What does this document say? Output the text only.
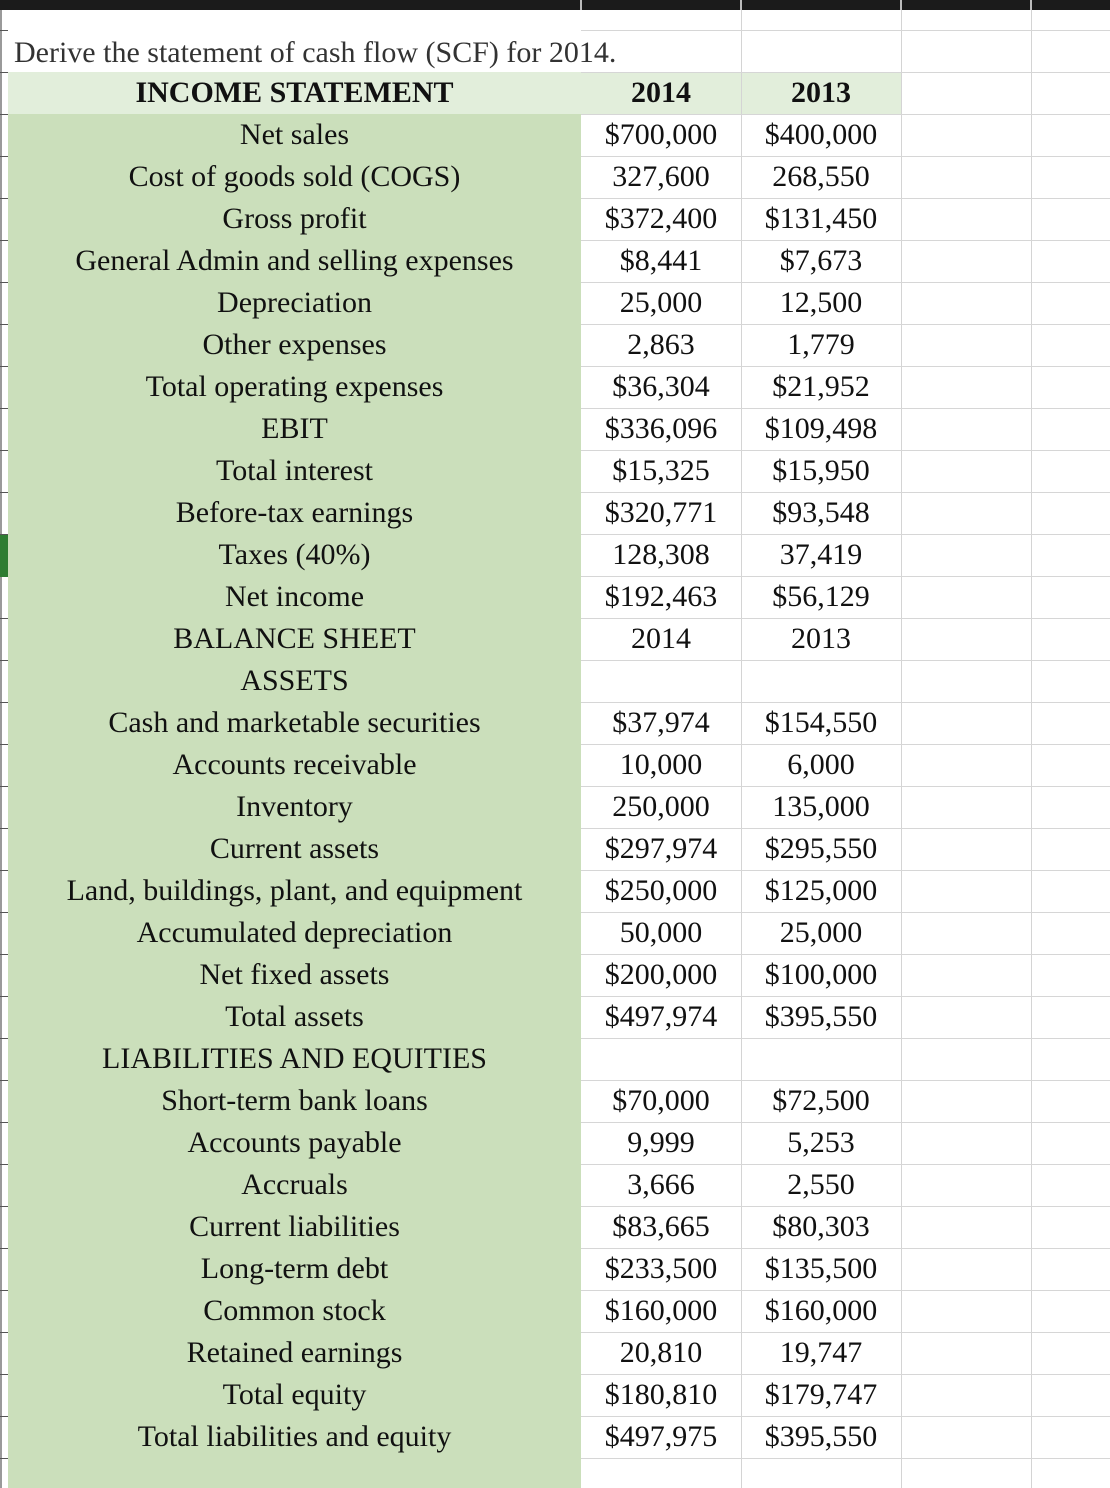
Derive the statement of cash flow (SCF) for 2014.
INCOME STATEMENT	2014	2013
Net sales	$700,000	$400,000
Cost of goods sold (COGS)	327,600	268,550
Gross profit	$372,400	$131,450
General Admin and selling expenses	$8,441	$7,673
Depreciation	25,000	12,500
Other expenses	2,863	1,779
Total operating expenses	$36,304	$21,952
EBIT	$336,096	$109,498
Total interest	$15,325	$15,950
Before-tax earnings	$320,771	$93,548
Taxes (40%)	128,308	37,419
Net income	$192,463	$56,129
BALANCE SHEET	2014	2013
ASSETS
Cash and marketable securities	$37,974	$154,550
Accounts receivable	10,000	6,000
Inventory	250,000	135,000
Current assets	$297,974	$295,550
Land, buildings, plant, and equipment	$250,000	$125,000
Accumulated depreciation	50,000	25,000
Net fixed assets	$200,000	$100,000
Total assets	$497,974	$395,550
LIABILITIES AND EQUITIES
Short-term bank loans	$70,000	$72,500
Accounts payable	9,999	5,253
Accruals	3,666	2,550
Current liabilities	$83,665	$80,303
Long-term debt	$233,500	$135,500
Common stock	$160,000	$160,000
Retained earnings	20,810	19,747
Total equity	$180,810	$179,747
Total liabilities and equity	$497,975	$395,550
